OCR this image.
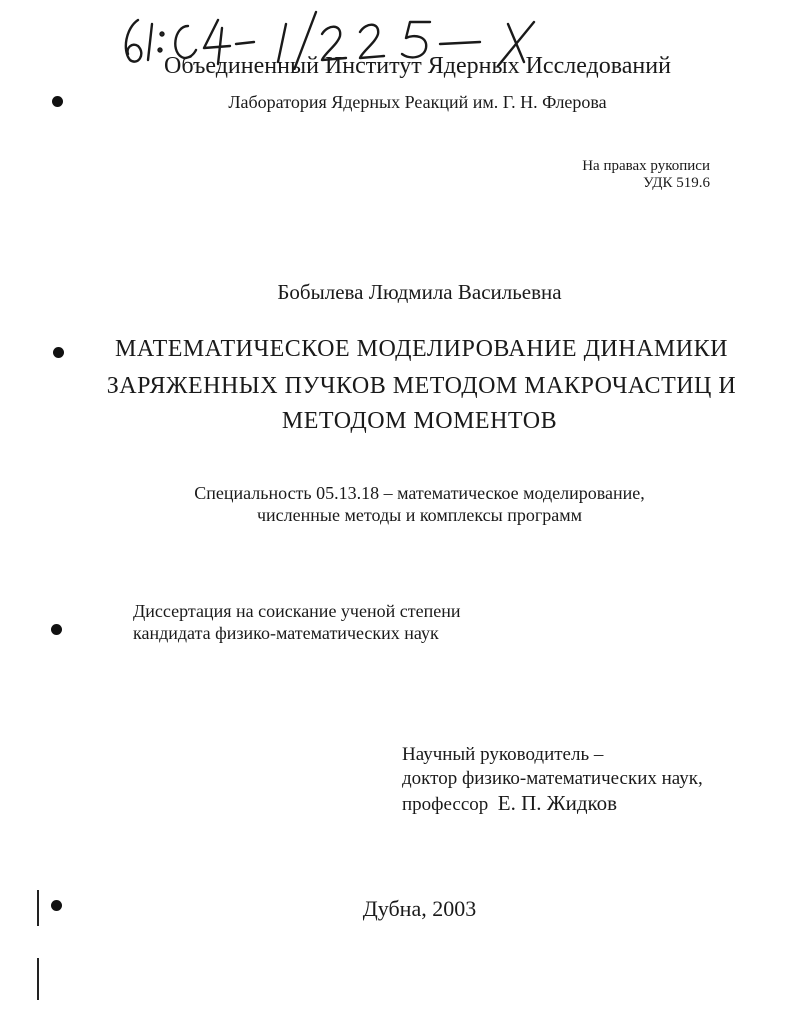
Объединенный Институт Ядерных Исследований
Лаборатория Ядерных Реакций им. Г. Н. Флерова
На правах рукописи
УДК 519.6
Бобылева Людмила Васильевна
МАТЕМАТИЧЕСКОЕ МОДЕЛИРОВАНИЕ ДИНАМИКИ
ЗАРЯЖЕННЫХ ПУЧКОВ МЕТОДОМ МАКРОЧАСТИЦ И
МЕТОДОМ МОМЕНТОВ
Специальность 05.13.18 – математическое моделирование,
численные методы и комплексы программ
Диссертация на соискание ученой степени
кандидата физико-математических наук
Научный руководитель –
доктор физико-математических наук,
профессор Е. П. Жидков
Дубна, 2003
